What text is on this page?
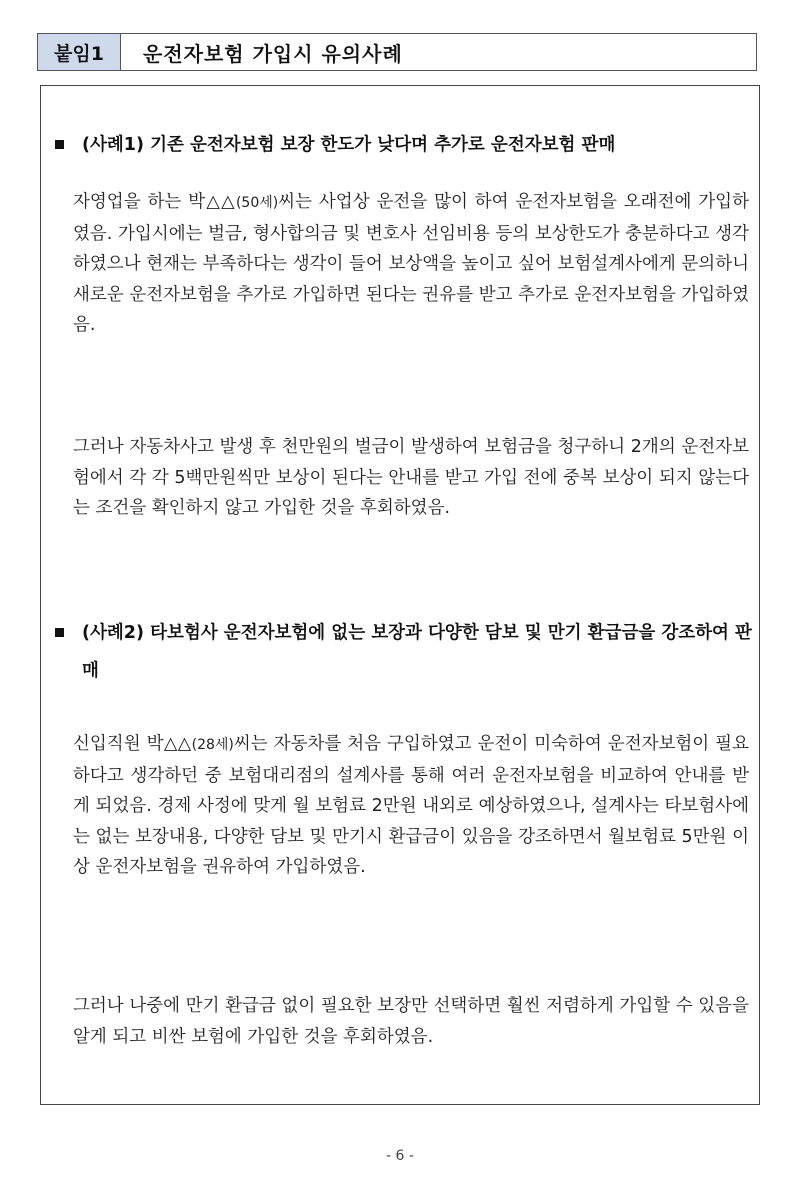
붙임1	운전자보험 가입시 유의사례
(사례1) 기존 운전자보험 보장 한도가 낮다며 추가로 운전자보험 판매
자영업을 하는 박△△(50세)씨는 사업상 운전을 많이 하여 운전자보험을 오래전에 가입하였음. 가입시에는 벌금, 형사합의금 및 변호사 선임비용 등의 보상한도가 충분하다고 생각하였으나 현재는 부족하다는 생각이 들어 보상액을 높이고 싶어 보험설계사에게 문의하니 새로운 운전자보험을 추가로 가입하면 된다는 권유를 받고 추가로 운전자보험을 가입하였음.
그러나 자동차사고 발생 후 천만원의 벌금이 발생하여 보험금을 청구하니 2개의 운전자보험에서 각 각 5백만원씩만 보상이 된다는 안내를 받고 가입 전에 중복 보상이 되지 않는다는 조건을 확인하지 않고 가입한 것을 후회하였음.
(사례2) 타보험사 운전자보험에 없는 보장과 다양한 담보 및 만기 환급금을 강조하여 판매
신입직원 박△△(28세)씨는 자동차를 처음 구입하였고 운전이 미숙하여 운전자보험이 필요하다고 생각하던 중 보험대리점의 설계사를 통해 여러 운전자보험을 비교하여 안내를 받게 되었음. 경제 사정에 맞게 월 보험료 2만원 내외로 예상하였으나, 설계사는 타보험사에는 없는 보장내용, 다양한 담보 및 만기시 환급금이 있음을 강조하면서 월보험료 5만원 이상 운전자보험을 권유하여 가입하였음.
그러나 나중에 만기 환급금 없이 필요한 보장만 선택하면 훨씬 저렴하게 가입할 수 있음을 알게 되고 비싼 보험에 가입한 것을 후회하였음.
- 6 -
